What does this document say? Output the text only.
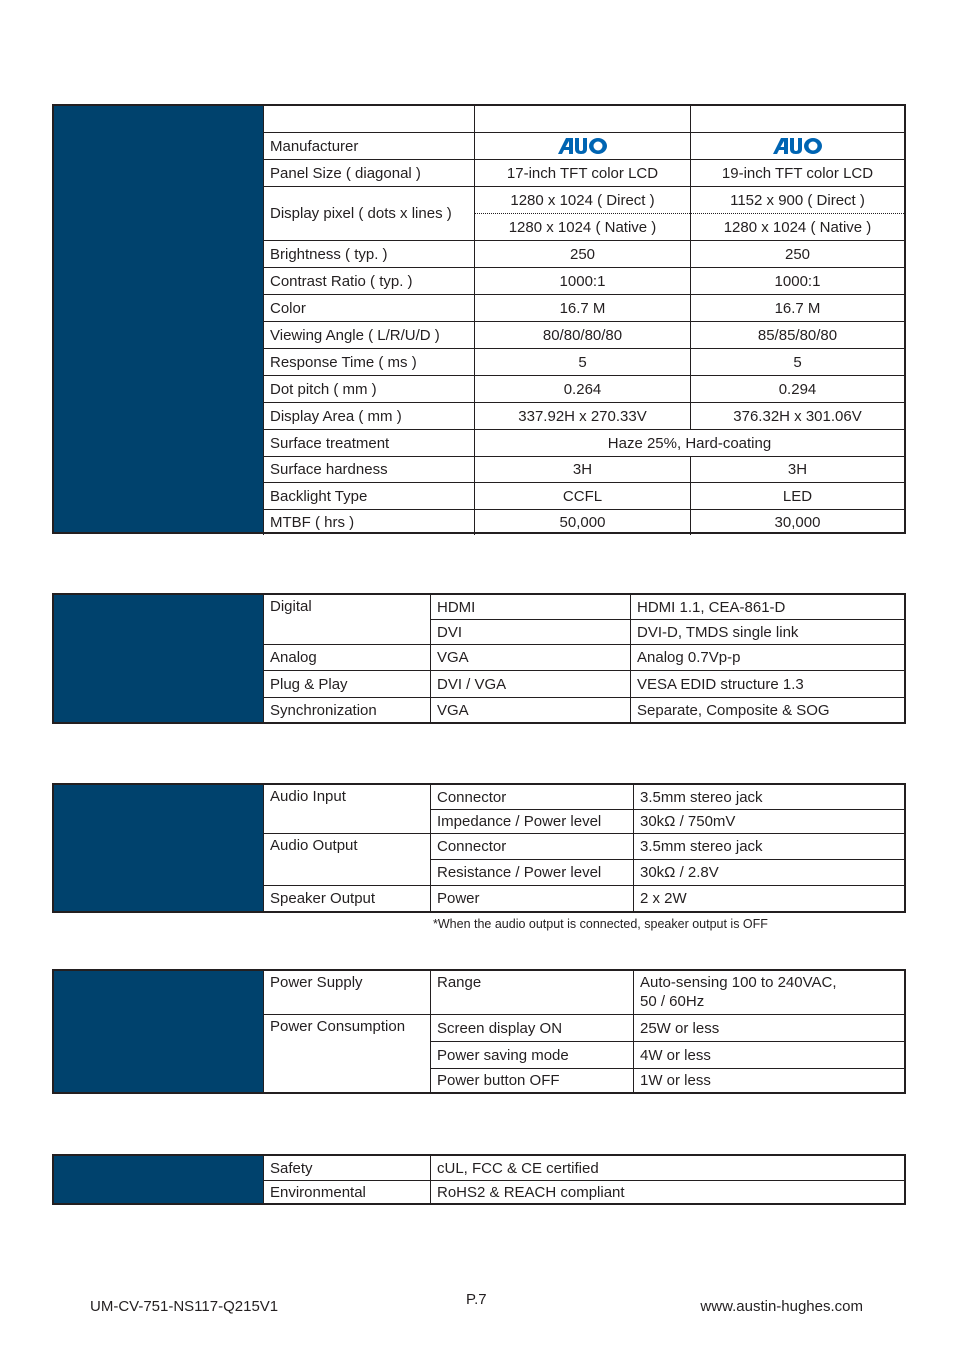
Manufacturer
Panel Size ( diagonal )	17-inch TFT color LCD	19-inch TFT color LCD
Display pixel ( dots x lines )
1280 x 1024 ( Direct )	1152 x 900 ( Direct )
1280 x 1024 ( Native )	1280 x 1024 ( Native )
Brightness ( typ. )	250	250
Contrast Ratio ( typ. )	1000:1	1000:1
Color	16.7 M	16.7 M
Viewing Angle ( L/R/U/D )	80/80/80/80	85/85/80/80
Response Time ( ms )	5	5
Dot pitch ( mm )	0.264	0.294
Display Area ( mm )	337.92H x 270.33V	376.32H x 301.06V
Surface treatment	Haze 25%, Hard-coating
Surface hardness	3H	3H
Backlight Type	CCFL	LED
MTBF ( hrs )	50,000	30,000
Digital	HDMI	HDMI 1.1, CEA-861-D
DVI	DVI-D, TMDS single link
Analog	VGA	Analog 0.7Vp-p
Plug & Play	DVI / VGA	VESA EDID structure 1.3
Synchronization	VGA	Separate, Composite & SOG
Audio Input	Connector	3.5mm stereo jack
Impedance / Power level	30kΩ / 750mV
Audio Output	Connector	3.5mm stereo jack
Resistance / Power level	30kΩ / 2.8V
Speaker Output	Power	2 x 2W
*When the audio output is connected, speaker output is OFF
Power Supply	Range	Auto-sensing 100 to 240VAC,
50 / 60Hz
Power Consumption	Screen display ON	25W or less
Power saving mode	4W or less
Power button OFF	1W or less
Safety	cUL, FCC & CE certified
Environmental	RoHS2 & REACH compliant
UM-CV-751-NS117-Q215V1	P.7	www.austin-hughes.com
